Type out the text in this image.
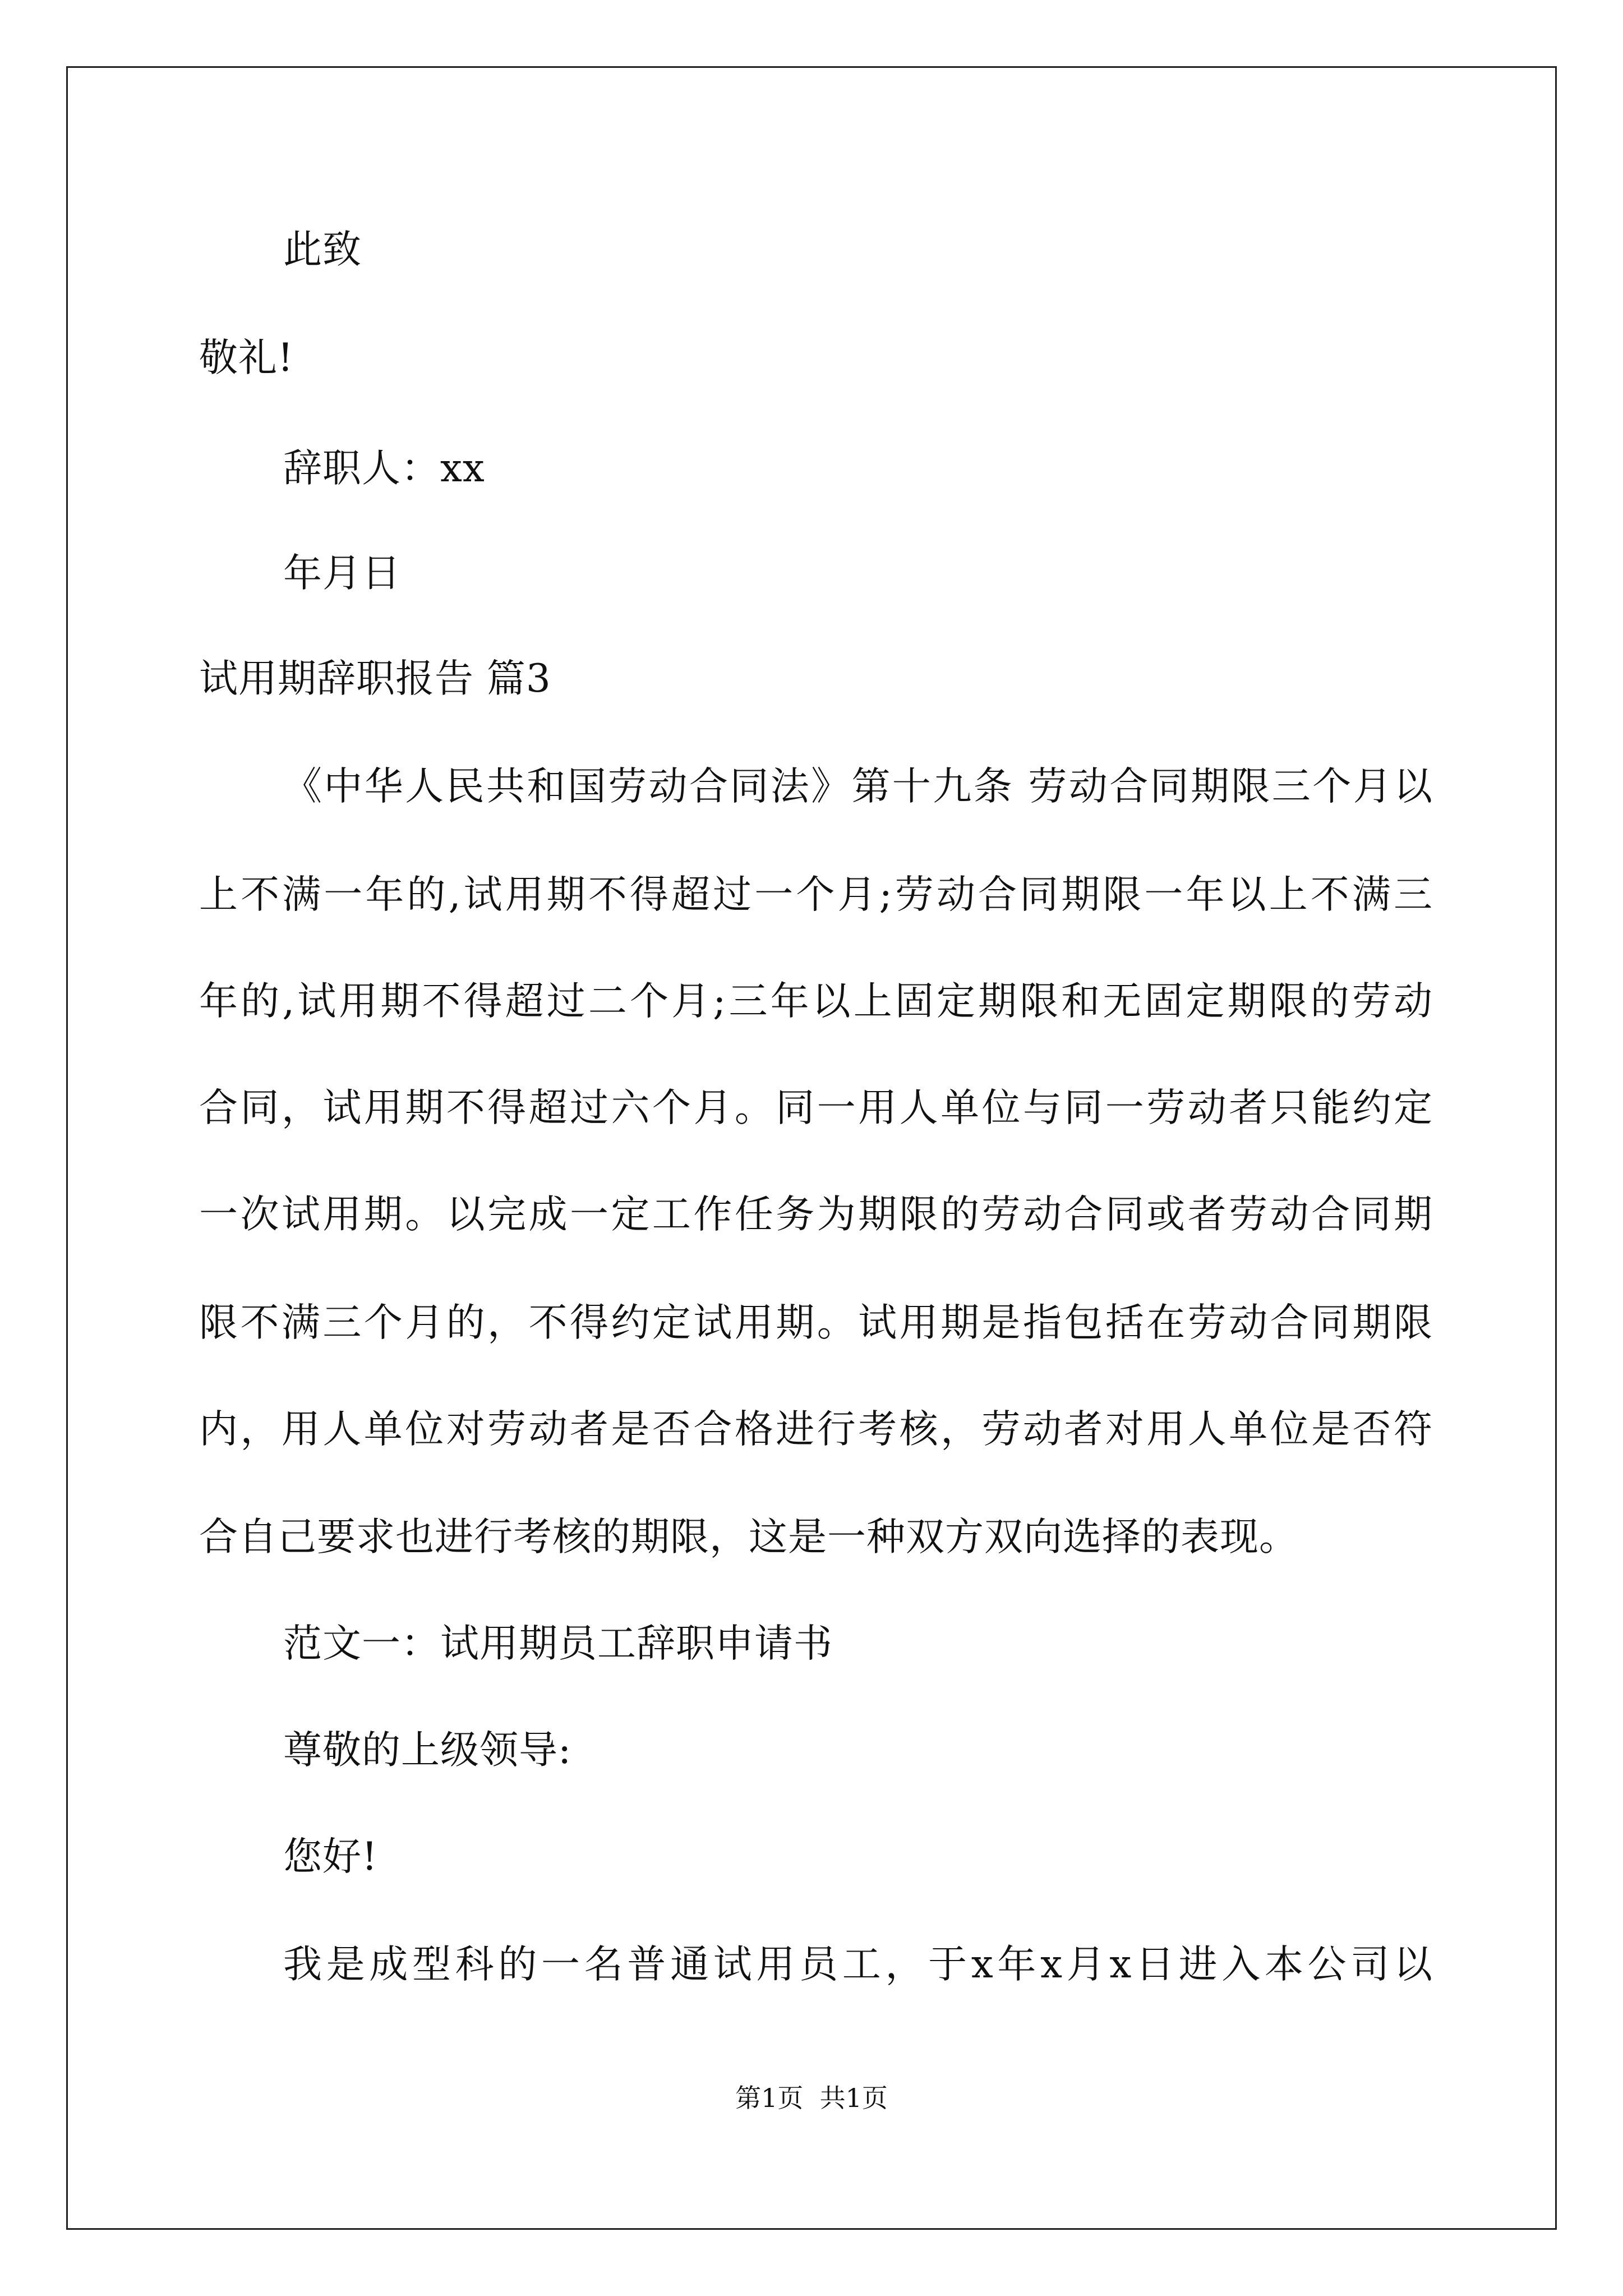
此致
敬礼!
辞职人：xx
年月日
试用期辞职报告 篇3
《中华人民共和国劳动合同法》第十九条 劳动合同期限三个月以
上不满一年的,试用期不得超过一个月;劳动合同期限一年以上不满三
年的,试用期不得超过二个月;三年以上固定期限和无固定期限的劳动
合同，试用期不得超过六个月。同一用人单位与同一劳动者只能约定
一次试用期。以完成一定工作任务为期限的劳动合同或者劳动合同期
限不满三个月的，不得约定试用期。试用期是指包括在劳动合同期限
内，用人单位对劳动者是否合格进行考核，劳动者对用人单位是否符
合自己要求也进行考核的期限，这是一种双方双向选择的表现。
范文一：试用期员工辞职申请书
尊敬的上级领导:
您好!
我是成型科的一名普通试用员工，于x年x月x日进入本公司以
第1页  共1页
